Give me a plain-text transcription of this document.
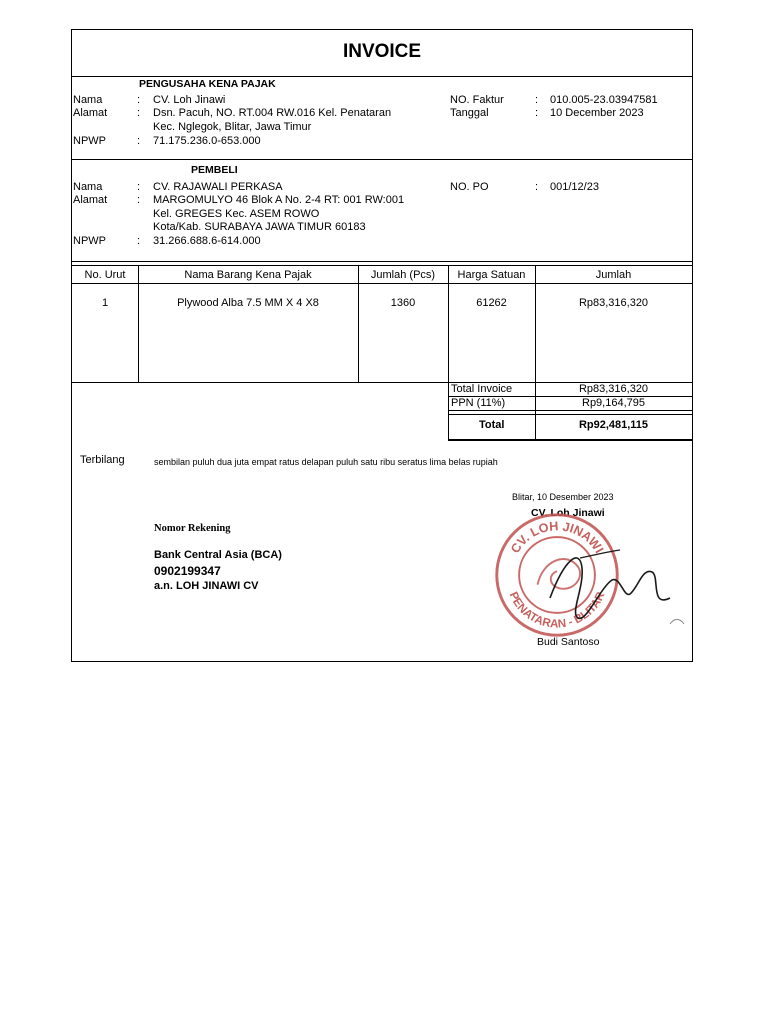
INVOICE
PENGUSAHA KENA PAJAK
Nama	: CV. Loh Jinawi
Alamat	: Dsn. Pacuh, NO. RT.004 RW.016 Kel. Penataran
Kec. Nglegok, Blitar, Jawa Timur
NPWP	: 71.175.236.0-653.000
NO. Faktur	: 010.005-23.03947581
Tanggal	: 10 December 2023
PEMBELI
Nama	: CV. RAJAWALI PERKASA
Alamat	: MARGOMULYO 46 Blok A No. 2-4 RT: 001 RW:001
Kel. GREGES Kec. ASEM ROWO
Kota/Kab. SURABAYA JAWA TIMUR 60183
NPWP	: 31.266.688.6-614.000
NO. PO	: 001/12/23
No. Urut	Nama Barang Kena Pajak	Jumlah (Pcs)	Harga Satuan	Jumlah
1	Plywood Alba 7.5 MM X 4 X8	1360	61262	Rp83,316,320
Total Invoice	Rp83,316,320
PPN (11%)	Rp9,164,795
Total	Rp92,481,115
Terbilang	sembilan puluh dua juta empat ratus delapan puluh satu ribu seratus lima belas rupiah
Nomor Rekening
Bank Central Asia (BCA)
0902199347
a.n. LOH JINAWI CV
Blitar, 10 Desember 2023
CV. Loh Jinawi
CV. LOH JINAWI
PENATARAN - BLITAR
Budi Santoso
